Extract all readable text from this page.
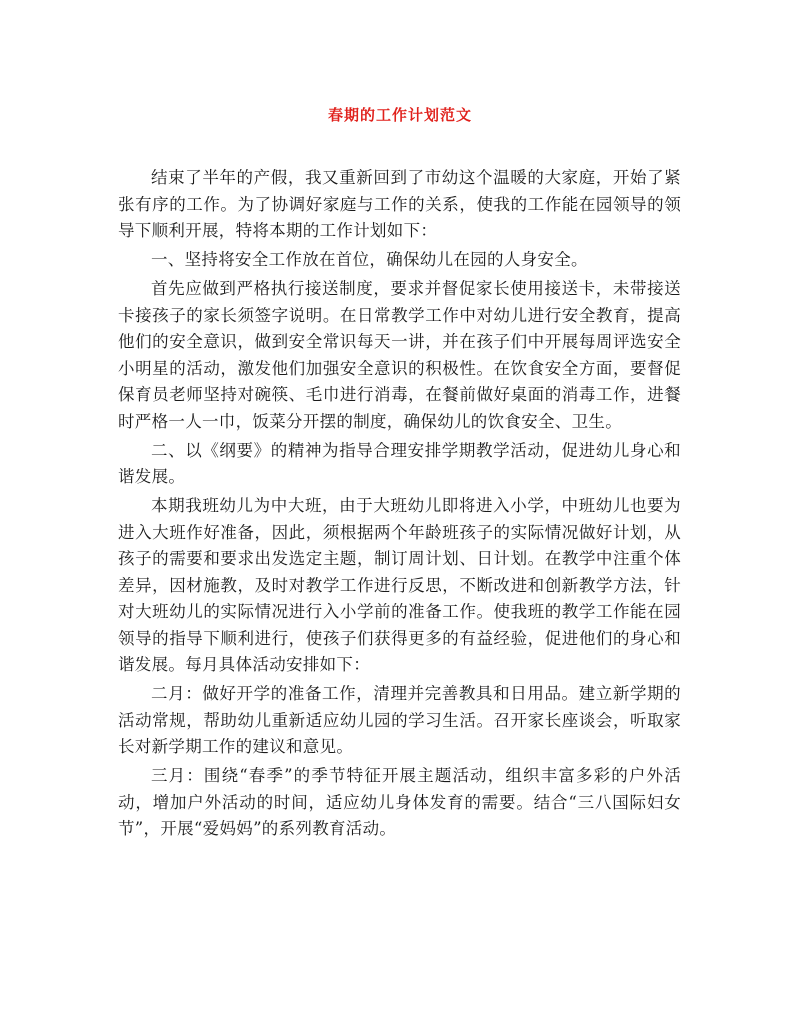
春期的工作计划范文

结束了半年的产假，我又重新回到了市幼这个温暖的大家庭，开始了紧张有序的工作。为了协调好家庭与工作的关系，使我的工作能在园领导的领导下顺利开展，特将本期的工作计划如下：

一、坚持将安全工作放在首位，确保幼儿在园的人身安全。

首先应做到严格执行接送制度，要求并督促家长使用接送卡，未带接送卡接孩子的家长须签字说明。在日常教学工作中对幼儿进行安全教育，提高他们的安全意识，做到安全常识每天一讲，并在孩子们中开展每周评选安全小明星的活动，激发他们加强安全意识的积极性。在饮食安全方面，要督促保育员老师坚持对碗筷、毛巾进行消毒，在餐前做好桌面的消毒工作，进餐时严格一人一巾，饭菜分开摆的制度，确保幼儿的饮食安全、卫生。

二、以《纲要》的精神为指导合理安排学期教学活动，促进幼儿身心和谐发展。

本期我班幼儿为中大班，由于大班幼儿即将进入小学，中班幼儿也要为进入大班作好准备，因此，须根据两个年龄班孩子的实际情况做好计划，从孩子的需要和要求出发选定主题，制订周计划、日计划。在教学中注重个体差异，因材施教，及时对教学工作进行反思，不断改进和创新教学方法，针对大班幼儿的实际情况进行入小学前的准备工作。使我班的教学工作能在园领导的指导下顺利进行，使孩子们获得更多的有益经验，促进他们的身心和谐发展。每月具体活动安排如下：

二月：做好开学的准备工作，清理并完善教具和日用品。建立新学期的活动常规，帮助幼儿重新适应幼儿园的学习生活。召开家长座谈会，听取家长对新学期工作的建议和意见。

三月：围绕“春季”的季节特征开展主题活动，组织丰富多彩的户外活动，增加户外活动的时间，适应幼儿身体发育的需要。结合“三八国际妇女节”，开展“爱妈妈”的系列教育活动。
